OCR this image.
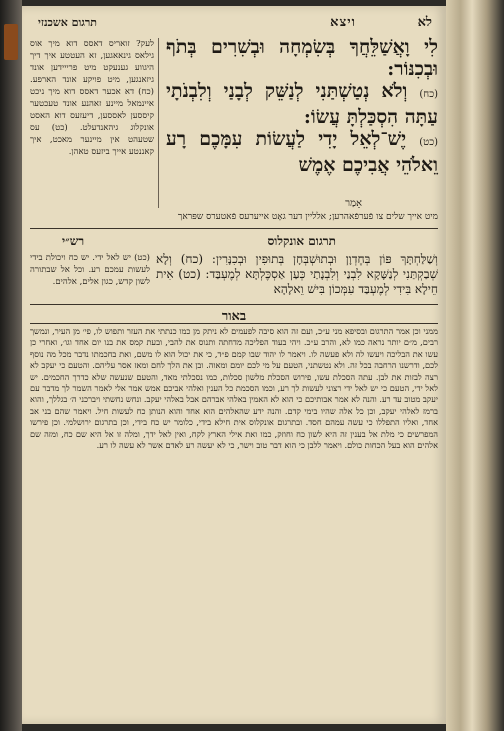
לא
ויצא
תרגום אשכנזי

לִי וָאֲשַׁלֵּחֲךָ בְּשִׂמְחָה וּבְשִׁרִים בְּתֹף וּבְכִנּוֹר:

(כח) וְלֹא נְטַשְׁתַּנִי לְנַשֵּׁק לְבָנַי וְלִבְנֹתָי עַתָּה הִסְכַּלְתָּ עֲשׂוֹ:

(כט) יֶשׁ־לְאֵל יָדִי לַעֲשׂוֹת עִמָּכֶם רָע וֵאלֹהֵי אֲבִיכֶם אֶמֶשׁ

אָמַר
לעק? זואריס דאסס דוא מיך אוס גילאס גינאאגען, זא העטטע איך דיך היגווע גענעקט מיט פרייידען אונד גיזאנגען, מיט פויקע אונד הארפע. (כח) דא אכער דאסס דוא מיך ניכט איינמאל מיינע זאהנע אונד טעכטער קיססען לאססען, דיעזעס דוא האסט אונקלוג גיהאנדעלט. (כט) עס שטעהט אין מיינער מאכט, איך קאננטע אייך ביזעס טאהן.
מיט אייך שלים צו פֿערפֿאהרען; אלליין דער גאָט אייערעס פֿאטערס שפּראך
רש״י	תרגום אונקלוס
(כט) יש לאל ידי. יש כח ויכולת בידי לעשות עמכם רע. וכל אל שבתורה לשון קדש, כגון אלים, אלהים.
וְשַׁלַּחְתָּךְ פּוֹן בְּחֶדְוָן וּבְתוּשְׁבְּחָן בְּתוּפִין וּבְכִנָּרִין: (כח) וְלָא שְׁבַקְתַּנִי לְנַשָּׁקָא לִבְנַי וְלִבְנָתַי כְּעַן אַסְכֶּלְתָּא לְמֶעְבַּד: (כט) אִית חֵילָא בִּידִי לְמֶעְבַּד עִמְּכוֹן בִּישׁ וֵאלָהָא
באור
ממני וכן אמר התרגום ובסיפא מני ע״כ, ועם זה הוא סיבה לפעמים לא ניתק מן כמו כנתתי את העזר ותפוש לו, פי׳ מן העיר, ונמשך רבים, מ״ם יותר נראה כמו לא, והרב ע״כ. ויהי בעוד הפליכה מדחתה ותנוס את להבי, ובעת קמס את בנו יום אחד וגו׳, ואחרי כן עשו את הבליכה ויעשו לה ולא פעשה לו. ויאמר לו יהוד שבו קמם פ״ד, כי את יכול הוא לו משם, ואת בחכמתו נדבר מכל מה נוסף לכם, ודרשנו הרחבה בכל זה. ולא נטשתני, הטעם על מי לכם יומם ומאוה. ובן את הלך לחם ומאז אסר עליהם. והטעם כי יעקב לא רצה לבזות את לבן. עתה הסכלת עשו, פירוש הסכלת מלשון סכלות, כמו נסכלתי מאד, והטעם שנעשה שלא כדרך החכמים. יש לאל ידי, הטעם כי יש לאל ידי רצוני לעשות לך רע, וכמו הסכמת כל הענין ואלהי אביכם אמש אמר אלי לאמר השמר לך מדבר עם יעקב מטוב עד רע. והנה לא אמר אבותיכם כי הוא לא האמין באלהי אברהם אבל באלהי יעקב. ונחש נחשתי ויברכני ה׳ בגללך, והוא ברמז לאלהי יעקב, וכן כל אלה שהיו בימי קדם. והנה ידע שהאלהים הוא אחד והוא הנותן כח לעשות חיל. ויאמר שהם בני אב אחד, ואליו התפללו כי עשה עמהם חסד. ובתרגום אונקלוס אית חילא בידי, כלומר יש כח בידי, וכן בתרגום ירושלמי. וכן פירשו המפרשים כי מלת אל בענין זה היא לשון כח וחוזק, כמו ואת אילי הארץ לקח, ואין לאל ידך, ומלה זו אל היא שם כח, ומזה שם אלהים הוא בעל הכחות כולם. ויאמר ללבן כי הוא דבר טוב וישר, כי לא יעשה רע לאדם אשר לא עשה לו רע.
